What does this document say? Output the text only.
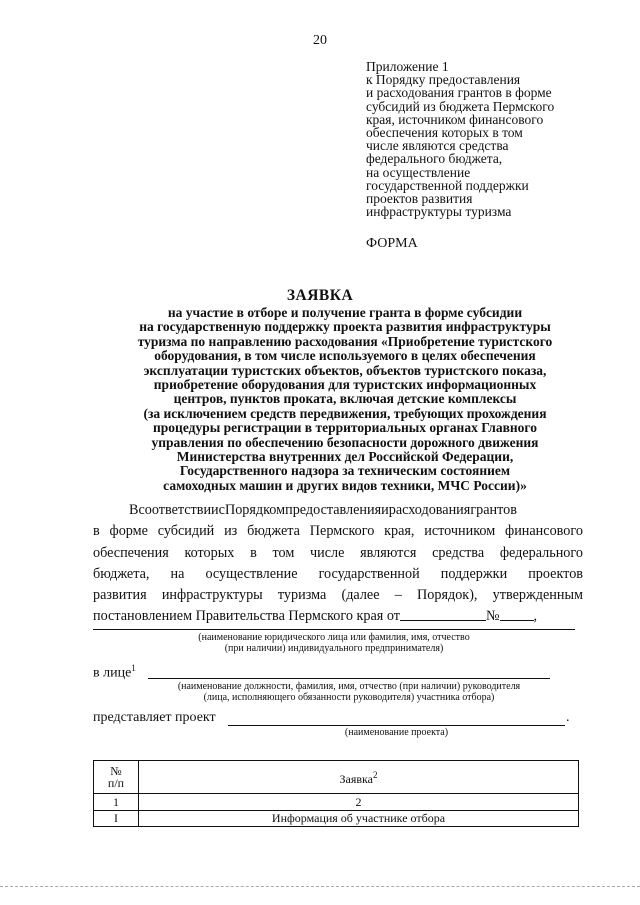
20
Приложение 1
к Порядку предоставления
и расходования грантов в форме
субсидий из бюджета Пермского
края, источником финансового
обеспечения которых в том
числе являются средства
федерального бюджета,
на осуществление
государственной поддержки
проектов развития
инфраструктуры туризма
ФОРМА
ЗАЯВКА
на участие в отборе и получение гранта в форме субсидии
на государственную поддержку проекта развития инфраструктуры
туризма по направлению расходования «Приобретение туристского
оборудования, в том числе используемого в целях обеспечения
эксплуатации туристских объектов, объектов туристского показа,
приобретение оборудования для туристских информационных
центров, пунктов проката, включая детские комплексы
(за исключением средств передвижения, требующих прохождения
процедуры регистрации в территориальных органах Главного
управления по обеспечению безопасности дорожного движения
Министерства внутренних дел Российской Федерации,
Государственного надзора за техническим состоянием
самоходных машин и других видов техники, МЧС России)»
В соответствии с Порядком предоставления и расходования грантов
в форме субсидий из бюджета Пермского края, источником финансового
обеспечения которых в том числе являются средства федерального
бюджета, на осуществление государственной поддержки проектов
развития инфраструктуры туризма (далее – Порядок), утвержденным
постановлением Правительства Пермского края от	№ ,
(наименование юридического лица или фамилия, имя, отчество
(при наличии) индивидуального предпринимателя)
в лице$^1$
(наименование должности, фамилия, имя, отчество (при наличии) руководителя
(лица, исполняющего обязанности руководителя) участника отбора)
представляет проект	.
(наименование проекта)
№
п/п	Заявка$^2$
1	2
I	Информация об участнике отбора
